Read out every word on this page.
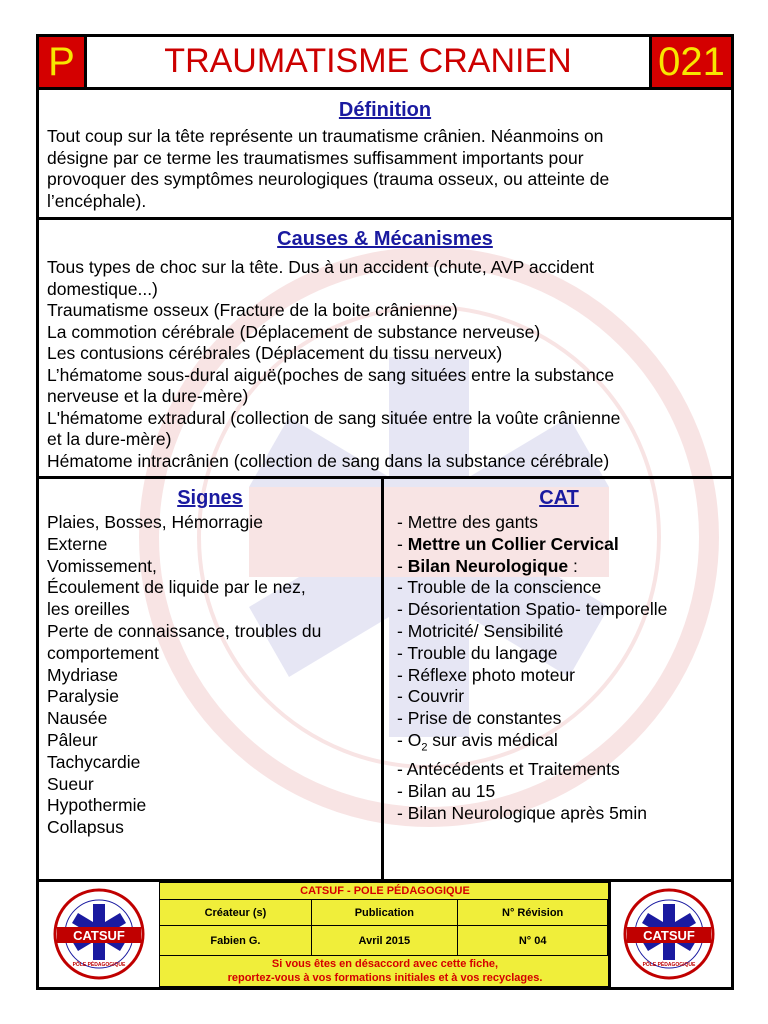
P	TRAUMATISME CRANIEN	021
Définition
Tout coup sur la tête représente un traumatisme crânien. Néanmoins on
désigne par ce terme les traumatismes suffisamment importants pour
provoquer des symptômes neurologiques (trauma osseux, ou atteinte de
l’encéphale).
Causes & Mécanismes
Tous types de choc sur la tête. Dus à un accident (chute, AVP accident
domestique...)
Traumatisme osseux (Fracture de la boite crânienne)
La commotion cérébrale (Déplacement de substance nerveuse)
Les contusions cérébrales (Déplacement du tissu nerveux)
L’hématome sous-dural aiguë(poches de sang situées entre la substance
nerveuse et la dure-mère)
L'hématome extradural (collection de sang située entre la voûte crânienne
et la dure-mère)
Hématome intracrânien (collection de sang dans la substance cérébrale)
Signes
Plaies, Bosses, Hémorragie
Externe
Vomissement,
Écoulement de liquide par le nez,
les oreilles
Perte de connaissance, troubles du
comportement
Mydriase
Paralysie
Nausée
Pâleur
Tachycardie
Sueur
Hypothermie
Collapsus
CAT
- Mettre des gants
- Mettre un Collier Cervical
- Bilan Neurologique :
- Trouble de la conscience
- Désorientation Spatio- temporelle
- Motricité/ Sensibilité
- Trouble du langage
- Réflexe photo moteur
- Couvrir
- Prise de constantes
- $O_2$ sur avis médical
- Antécédents et Traitements
- Bilan au 15
- Bilan Neurologique après 5min
CATSUF
PÔLE PÉDAGOGIQUE
CATSUF - POLE PÉDAGOGIQUE			
Créateur (s)	Publication	N° Révision	
Fabien G.	Avril 2015	N° 04	

Si vous êtes en désaccord avec cette fiche,
reportez-vous à vos formations initiales et à vos recyclages.			
CATSUF
PÔLE PÉDAGOGIQUE
